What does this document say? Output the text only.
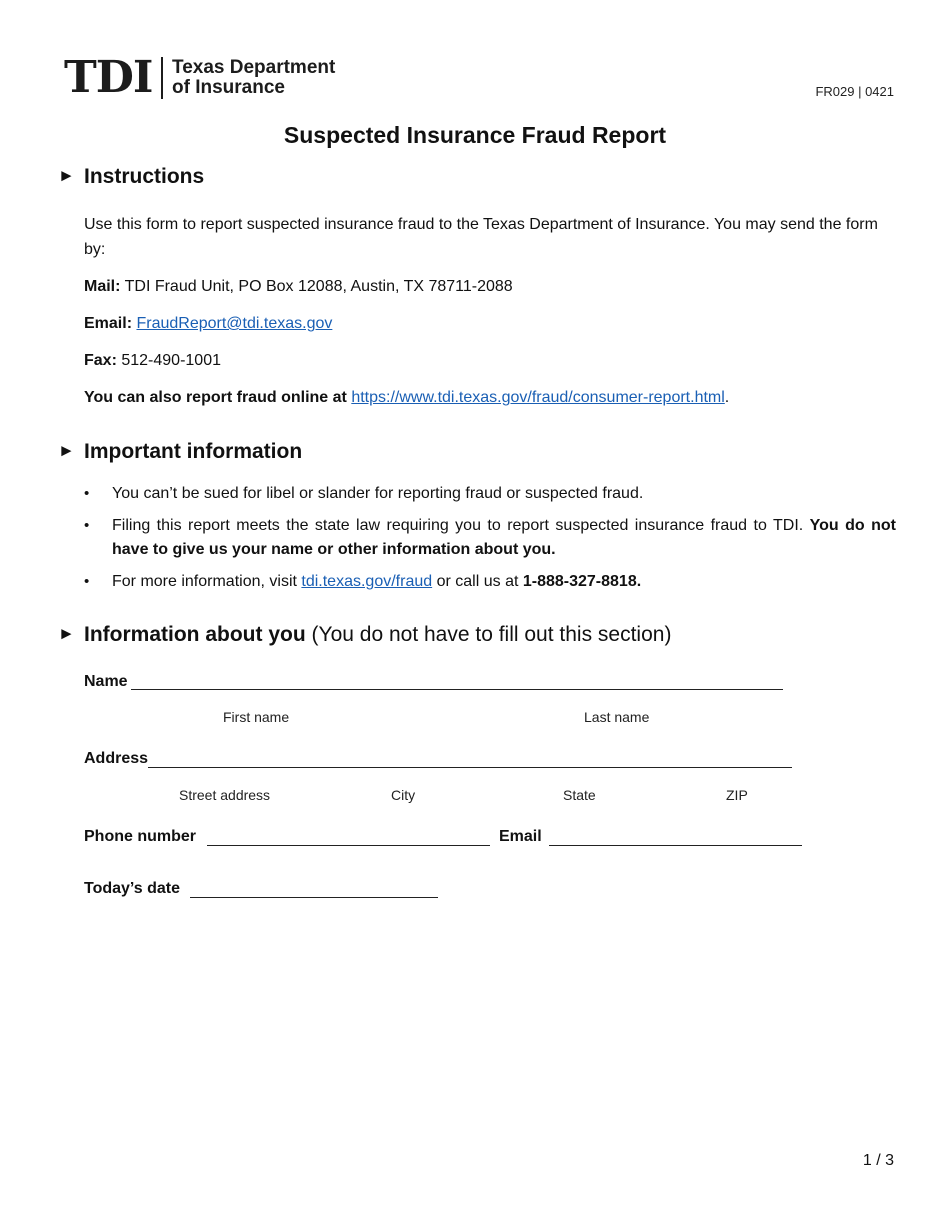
TDI Texas Department
of Insurance	FR029 | 0421
Suspected Insurance Fraud Report
► Instructions
Use this form to report suspected insurance fraud to the Texas Department of Insurance. You may send the form by:
Mail: TDI Fraud Unit, PO Box 12088, Austin, TX 78711-2088
Email: FraudReport@tdi.texas.gov
Fax: 512-490-1001
You can also report fraud online at https://www.tdi.texas.gov/fraud/consumer-report.html.
► Important information
• You can’t be sued for libel or slander for reporting fraud or suspected fraud.
• Filing this report meets the state law requiring you to report suspected insurance fraud to TDI. You do not have to give us your name or other information about you.
• For more information, visit tdi.texas.gov/fraud or call us at 1-888-327-8818.
► Information about you (You do not have to fill out this section)
Name
First name	Last name
Address
Street address	City	State	ZIP
Phone number	Email
Today’s date
1 / 3
